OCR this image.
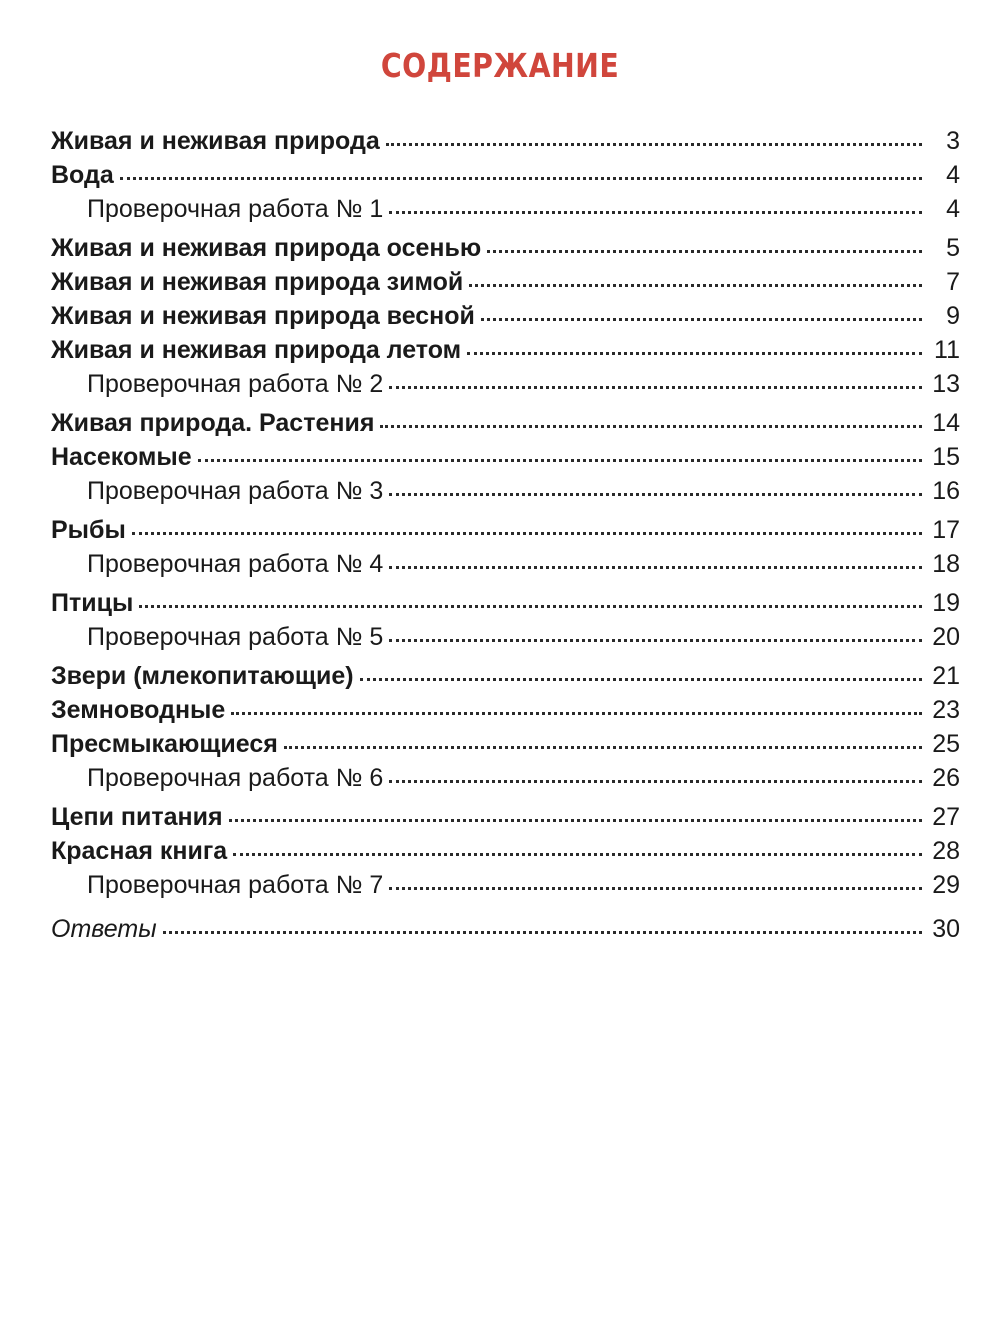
СОДЕРЖАНИЕ
Живая и неживая природа	3
Вода	4
Проверочная работа № 1	4
Живая и неживая природа осенью	5
Живая и неживая природа зимой	7
Живая и неживая природа весной	9
Живая и неживая природа летом	11
Проверочная работа № 2	13
Живая природа. Растения	14
Насекомые	15
Проверочная работа № 3	16
Рыбы	17
Проверочная работа № 4	18
Птицы	19
Проверочная работа № 5	20
Звери (млекопитающие)	21
Земноводные	23
Пресмыкающиеся	25
Проверочная работа № 6	26
Цепи питания	27
Красная книга	28
Проверочная работа № 7	29
Ответы	30
